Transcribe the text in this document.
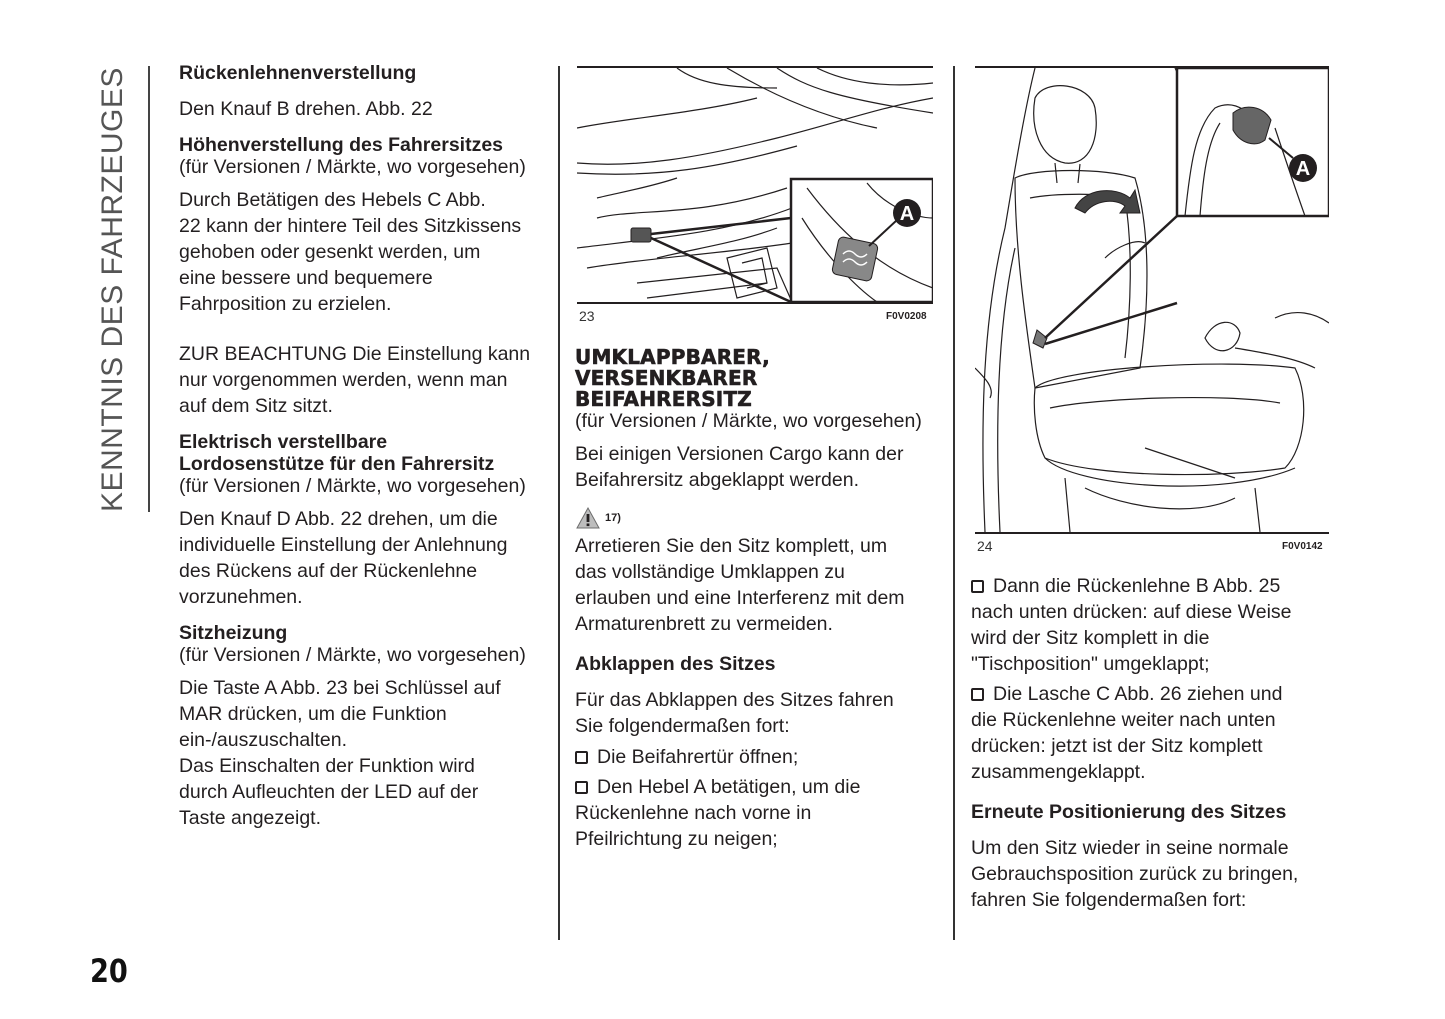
KENNTNIS DES FAHRZEUGES
20

Rückenlehnenverstellung

Den Knauf B drehen. Abb. 22

Höhenverstellung des Fahrersitzes

(für Versionen / Märkte, wo vorgesehen)

Durch Betätigen des Hebels C Abb.

22 kann der hintere Teil des Sitzkissens

gehoben oder gesenkt werden, um

eine bessere und bequemere

Fahrposition zu erzielen.

ZUR BEACHTUNG Die Einstellung kann

nur vorgenommen werden, wenn man

auf dem Sitz sitzt.

Elektrisch verstellbare

Lordosenstütze für den Fahrersitz

(für Versionen / Märkte, wo vorgesehen)

Den Knauf D Abb. 22 drehen, um die

individuelle Einstellung der Anlehnung

des Rückens auf der Rückenlehne

vorzunehmen.

Sitzheizung

(für Versionen / Märkte, wo vorgesehen)

Die Taste A Abb. 23 bei Schlüssel auf

MAR drücken, um die Funktion

ein-/auszuschalten.

Das Einschalten der Funktion wird

durch Aufleuchten der LED auf der

Taste angezeigt.

A
23	F0V0208

UMKLAPPBARER,

VERSENKBARER

BEIFAHRERSITZ

(für Versionen / Märkte, wo vorgesehen)

Bei einigen Versionen Cargo kann der

Beifahrersitz abgeklappt werden.

17)

Arretieren Sie den Sitz komplett, um

das vollständige Umklappen zu

erlauben und eine Interferenz mit dem

Armaturenbrett zu vermeiden.

Abklappen des Sitzes

Für das Abklappen des Sitzes fahren

Sie folgendermaßen fort:

Die Beifahrertür öffnen;

Den Hebel A betätigen, um die

Rückenlehne nach vorne in

Pfeilrichtung zu neigen;

A
24	F0V0142

Dann die Rückenlehne B Abb. 25

nach unten drücken: auf diese Weise

wird der Sitz komplett in die

"Tischposition" umgeklappt;

Die Lasche C Abb. 26 ziehen und

die Rückenlehne weiter nach unten

drücken: jetzt ist der Sitz komplett

zusammengeklappt.

Erneute Positionierung des Sitzes

Um den Sitz wieder in seine normale

Gebrauchsposition zurück zu bringen,

fahren Sie folgendermaßen fort:
